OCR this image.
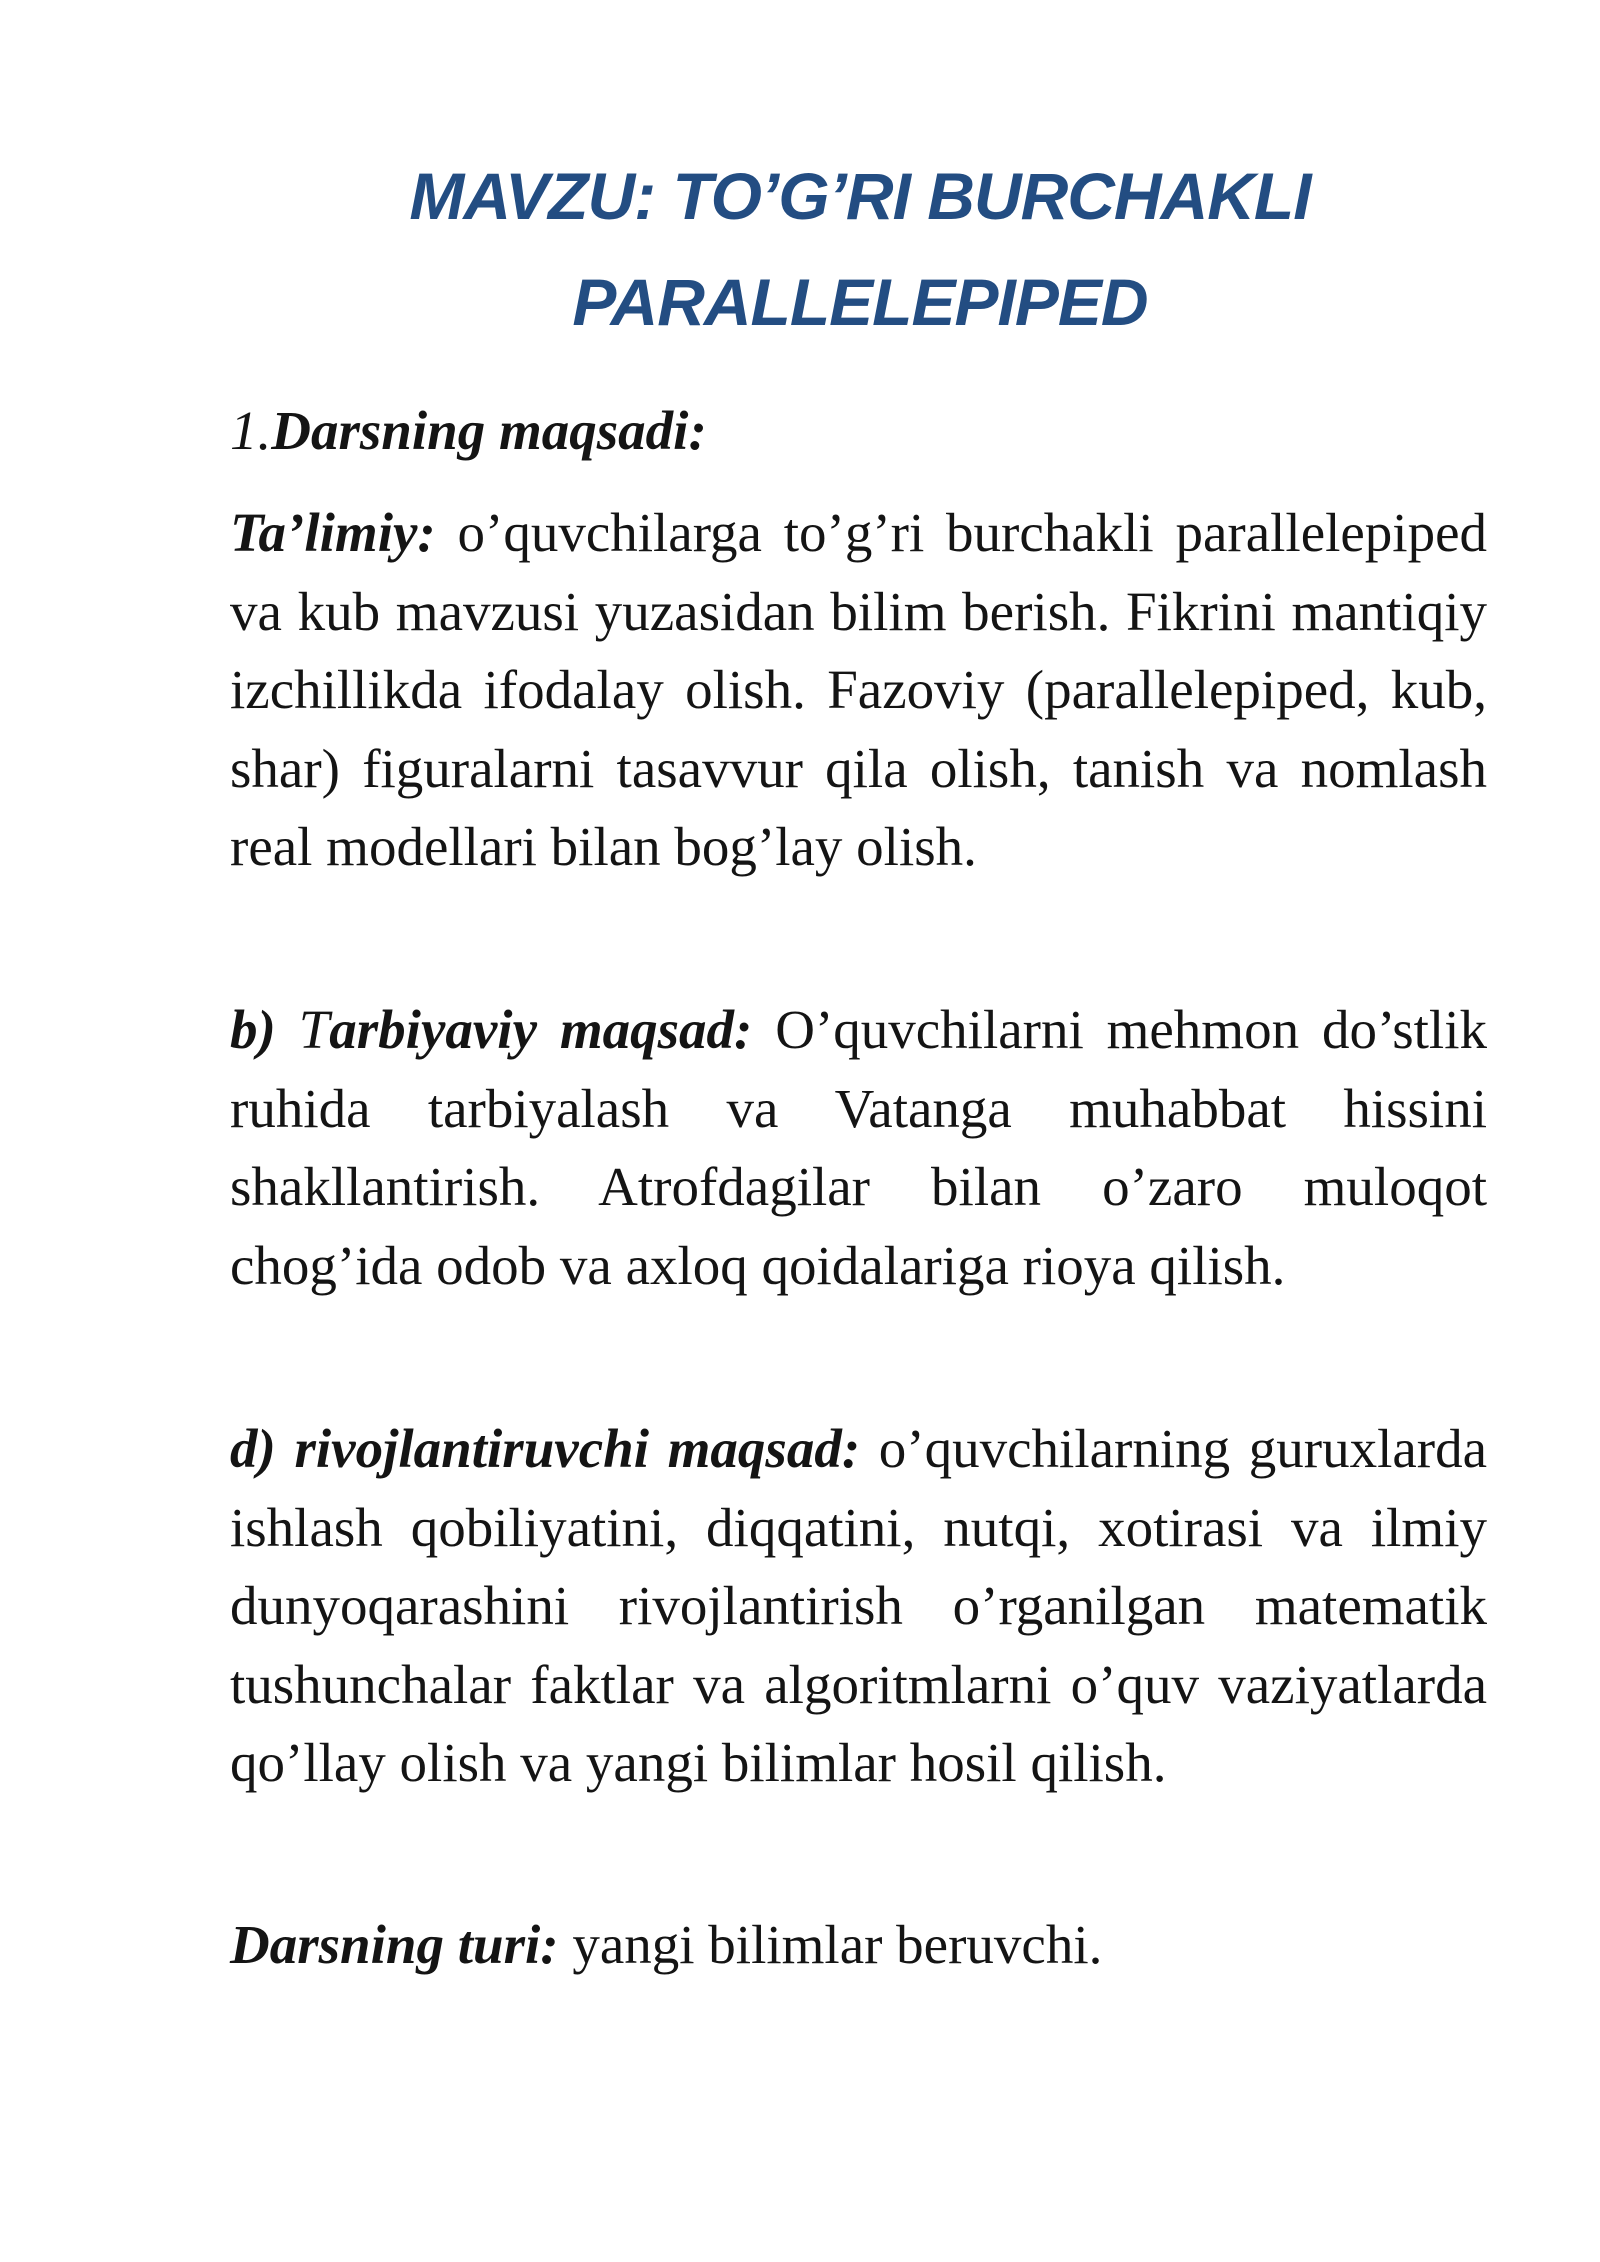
MAVZU: TO’G’RI BURCHAKLI
PARALLELEPIPED

1.Darsning maqsadi:

Ta’limiy: o’quvchilarga to’g’ri burchakli parallelepiped va kub mavzusi yuzasidan bilim berish. Fikrini mantiqiy izchillikda ifodalay olish. Fazoviy (parallelepiped, kub, shar) figuralarni tasavvur qila olish, tanish va nomlash real modellari bilan bog’lay olish.

b) Tarbiyaviy maqsad: O’quvchilarni mehmon do’stlik ruhida tarbiyalash va Vatanga muhabbat hissini shakllantirish. Atrofdagilar bilan o’zaro muloqot chog’ida odob va axloq qoidalariga rioya qilish.

d) rivojlantiruvchi maqsad: o’quvchilarning guruxlarda ishlash qobiliyatini, diqqatini, nutqi, xotirasi va ilmiy dunyoqarashini rivojlantirish o’rganilgan matematik tushunchalar faktlar va algoritmlarni o’quv vaziyatlarda qo’llay olish va yangi bilimlar hosil qilish.

Darsning turi: yangi bilimlar beruvchi.
